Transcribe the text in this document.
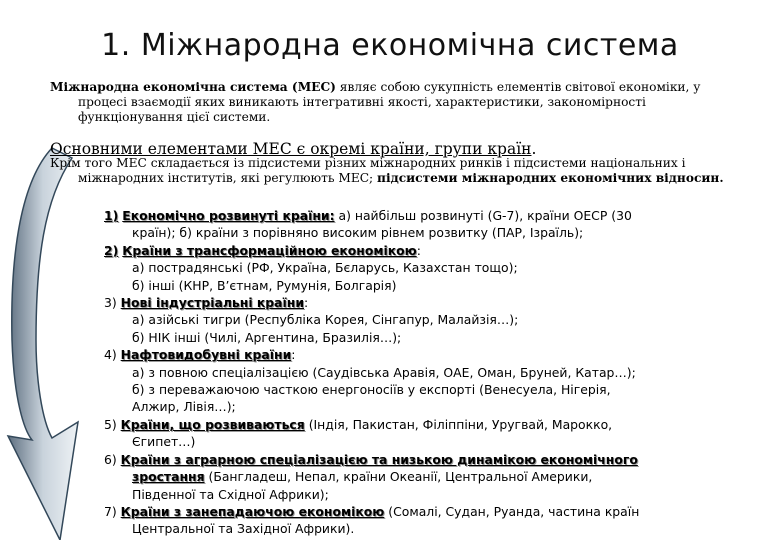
1. Міжнародна економічна система

Міжнародна економічна система (МЕС) являє собою сукупність елементів світової економіки, у процесі взаємодії яких виникають інтегративні якості, характеристики, закономірності функціонування цієї системи.

Основними елементами МЕС є окремі країни, групи країн.

Крім того МЕС складається із підсистеми різних міжнародних ринків і підсистеми національних і міжнародних інститутів, які регулюють МЕС; підсистеми міжнародних економічних відносин.

1) Економічно розвинуті країни: а) найбільш розвинуті (G-7), країни ОЕСР (30
країн); б) країни з порівняно високим рівнем розвитку (ПАР, Ізраїль);
2) Країни з трансформаційною економікою:
а) пострадянські (РФ, Україна, Бєларусь, Казахстан тощо);
б) інші (КНР, В’єтнам, Румунія, Болгарія)
3) Нові індустріальні країни:
а) азійські тигри (Республіка Корея, Сінгапур, Малайзія…);
б) НІК інші (Чилі, Аргентина, Бразилія…);
4) Нафтовидобувні країни:
а) з повною спеціалізацією (Саудівська Аравія, ОАЕ, Оман, Бруней, Катар…);
б) з переважаючою часткою енергоносіїв у експорті (Венесуела, Нігерія,
Алжир, Лівія…);
5) Країни, що розвиваються (Індія, Пакистан, Філіппіни, Уругвай, Марокко,
Єгипет…)
6) Країни з аграрною спеціалізацією та низькою динамікою економічного
зростання (Бангладеш, Непал, країни Океанії, Центральної Америки,
Південної та Східної Африки);
7) Країни з занепадаючою економікою (Сомалі, Судан, Руанда, частина країн
Центральної та Західної Африки).
